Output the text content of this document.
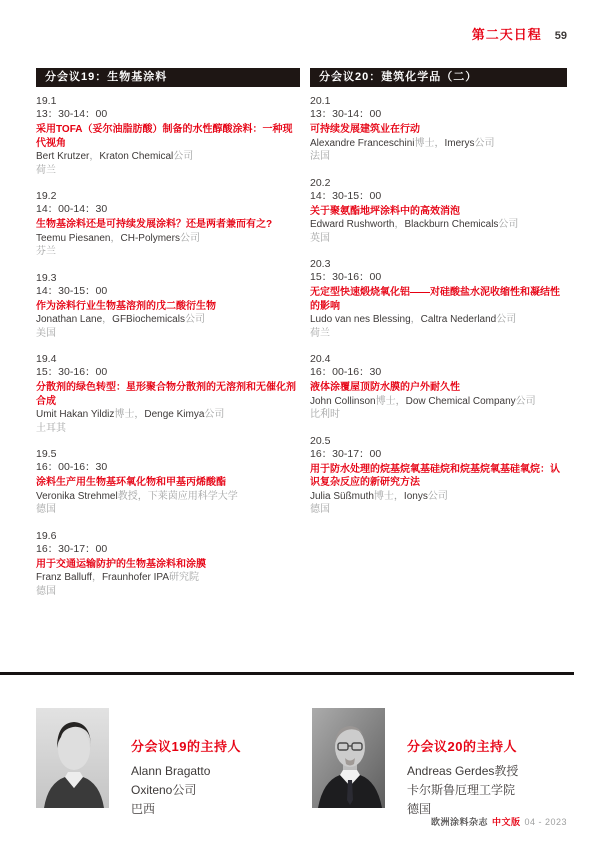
第二天日程 59
分会议19：生物基涂料
19.1
13：30-14：00
采用TOFA（妥尔油脂肪酸）制备的水性醇酸涂料：一种现代视角
Bert Krutzer，Kraton Chemical公司
荷兰
19.2
14：00-14：30
生物基涂料还是可持续发展涂料？还是两者兼而有之?
Teemu Piesanen，CH-Polymers公司
芬兰
19.3
14：30-15：00
作为涂料行业生物基溶剂的戊二酸衍生物
Jonathan Lane，GFBiochemicals公司
美国
19.4
15：30-16：00
分散剂的绿色转型：星形聚合物分散剂的无溶剂和无催化剂合成
Umit Hakan Yildiz博士，Denge Kimya公司
土耳其
19.5
16：00-16：30
涂料生产用生物基环氧化物和甲基丙烯酸酯
Veronika Strehmel教授，下莱茵应用科学大学
德国
19.6
16：30-17：00
用于交通运输防护的生物基涂料和涂膜
Franz Balluff，Fraunhofer IPA研究院
德国
分会议20：建筑化学品（二）
20.1
13：30-14：00
可持续发展建筑业在行动
Alexandre Franceschini博士，Imerys公司
法国
20.2
14：30-15：00
关于聚氨酯地坪涂料中的高效消泡
Edward Rushworth，Blackburn Chemicals公司
英国
20.3
15：30-16：00
无定型快速煅烧氧化铝——对硅酸盐水泥收缩性和凝结性的影响
Ludo van nes Blessing，Caltra Nederland公司
荷兰
20.4
16：00-16：30
液体涂覆屋顶防水膜的户外耐久性
John Collinson博士，Dow Chemical Company公司
比利时
20.5
16：30-17：00
用于防水处理的烷基烷氧基硅烷和烷基烷氧基硅氧烷：认识复杂反应的新研究方法
Julia Süßmuth博士，Ionys公司
德国
分会议19的主持人
Alann Bragatto
Oxiteno公司
巴西
分会议20的主持人
Andreas Gerdes教授
卡尔斯鲁厄理工学院
德国
欧洲涂料杂志 中文版 04 - 2023
